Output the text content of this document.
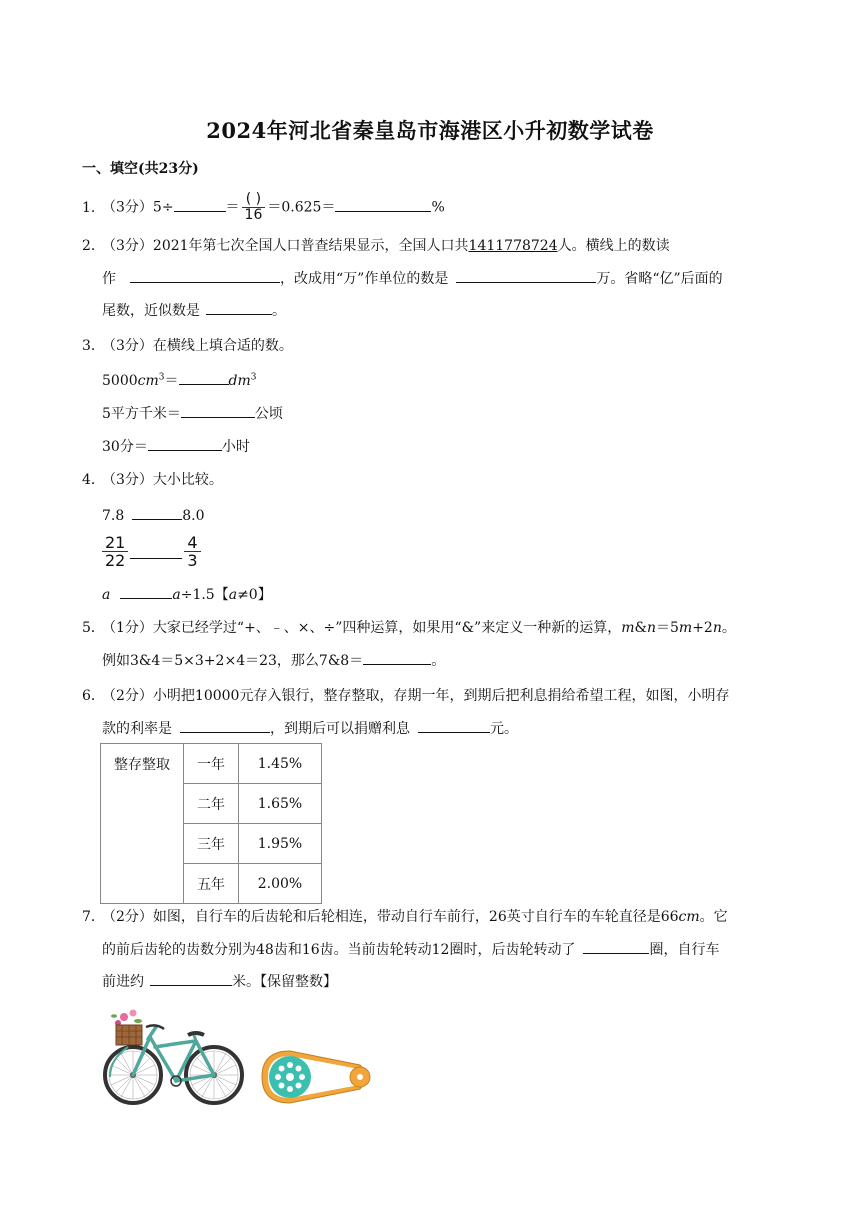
2024年河北省秦皇岛市海港区小升初数学试卷
一、填空(共23分)
1．（3分）5÷	＝ $\frac{( )}{16} =0.625=$	%
2．（3分）2021年第七次全国人口普查结果显示，全国人口共1411778724人。横线上的数读
作	，改成用“万”作单位的数是	万。省略“亿”后面的
尾数，近似数是	。
3．（3分）在横线上填合适的数。
$5000cm^3=$	$dm^3$
5平方千米＝	公顷
30分＝	小时
4．（3分）大小比较。
7.8	8.0
$\frac{21}{22}$	$\frac{4}{3}$
a	a÷1.5【a≠0】
5．（1分）大家已经学过“+、﹣、×、÷”四种运算，如果用“&”来定义一种新的运算，m&n＝5m+2n。
例如3&4＝5×3+2×4＝23，那么7&8＝	。
6．（2分）小明把10000元存入银行，整存整取，存期一年，到期后把利息捐给希望工程，如图，小明存
款的利率是	，到期后可以捐赠利息	元。
整存整取	一年	1.45%
	二年	1.65%
	三年	1.95%
	五年	2.00%
7．（2分）如图，自行车的后齿轮和后轮相连，带动自行车前行，26英寸自行车的车轮直径是66cm。它
的前后齿轮的齿数分别为48齿和16齿。当前齿轮转动12圈时，后齿轮转动了	圈，自行车
前进约	米。【保留整数】
